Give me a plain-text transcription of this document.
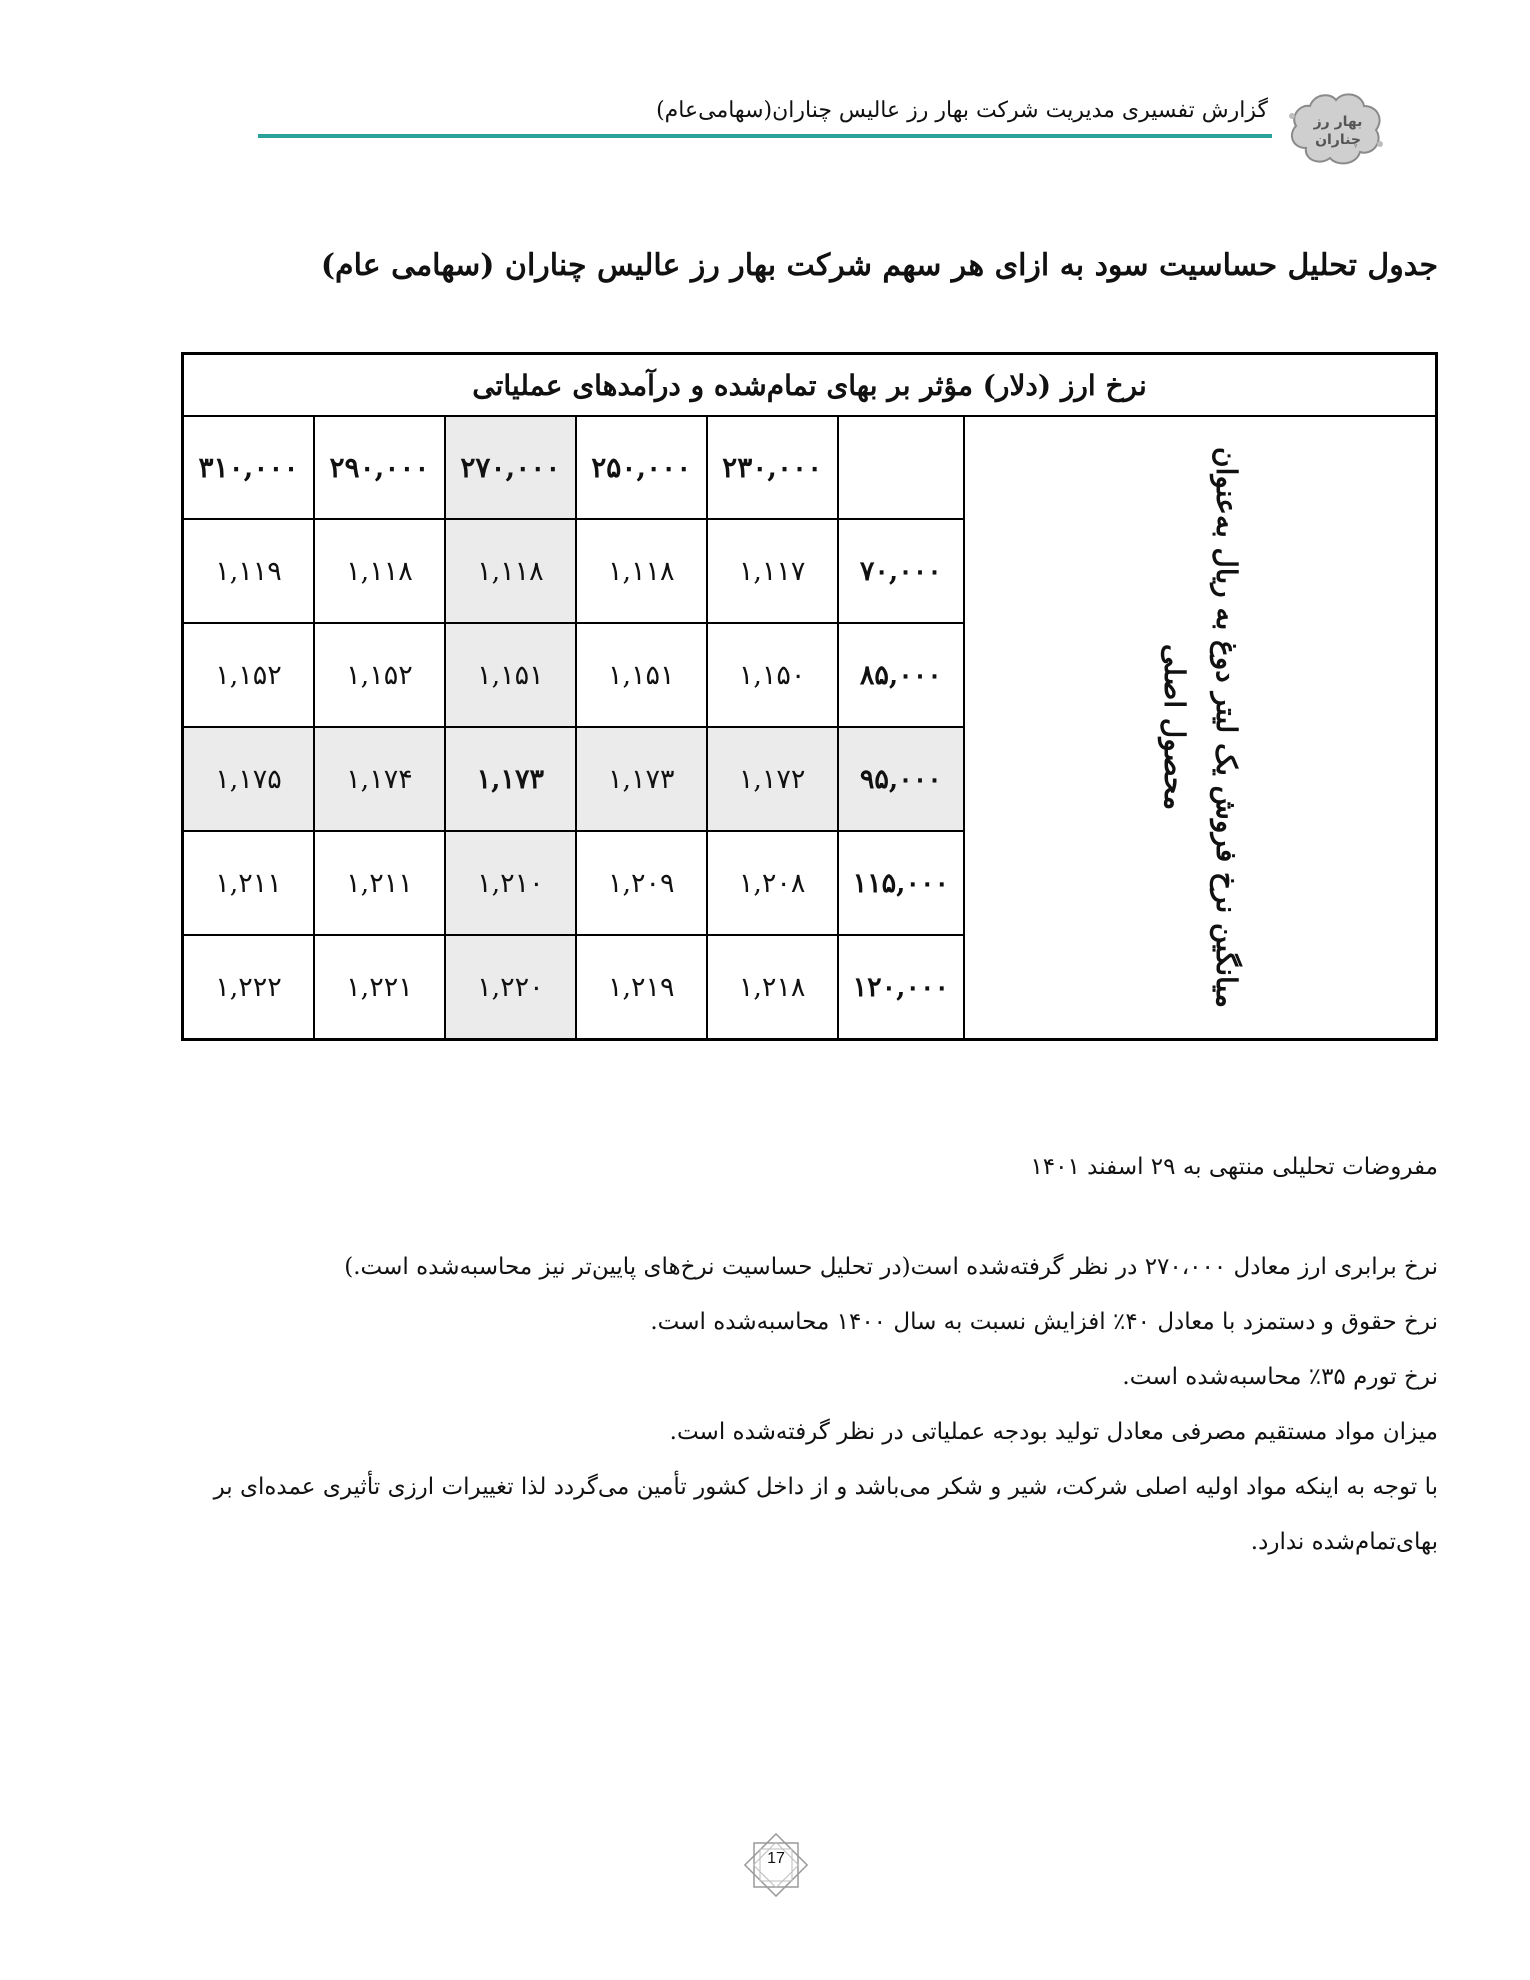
بهار رز
چناران
گزارش تفسیری مدیریت شرکت بهار رز عالیس چناران(سهامی‌عام)
جدول تحلیل حساسیت سود به ازای هر سهم شرکت بهار رز عالیس چناران (سهامی عام)
نرخ ارز (دلار) مؤثر بر بهای تمام‌شده و درآمدهای عملیاتی						

میانگین نرخ فروش یک لیتر دوغ به ریال به‌عنوان محصول اصلی		۲۳۰,۰۰۰	۲۵۰,۰۰۰	۲۷۰,۰۰۰	۲۹۰,۰۰۰	۳۱۰,۰۰۰
	۷۰,۰۰۰	۱,۱۱۷	۱,۱۱۸	۱,۱۱۸	۱,۱۱۸	۱,۱۱۹
	۸۵,۰۰۰	۱,۱۵۰	۱,۱۵۱	۱,۱۵۱	۱,۱۵۲	۱,۱۵۲
	۹۵,۰۰۰	۱,۱۷۲	۱,۱۷۳	۱,۱۷۳	۱,۱۷۴	۱,۱۷۵
	۱۱۵,۰۰۰	۱,۲۰۸	۱,۲۰۹	۱,۲۱۰	۱,۲۱۱	۱,۲۱۱
	۱۲۰,۰۰۰	۱,۲۱۸	۱,۲۱۹	۱,۲۲۰	۱,۲۲۱	۱,۲۲۲
مفروضات تحلیلی منتهی به ۲۹ اسفند ۱۴۰۱

نرخ برابری ارز معادل ۲۷۰،۰۰۰ در نظر گرفته‌شده است(در تحلیل حساسیت نرخ‌های پایین‌تر نیز محاسبه‌شده است.)

نرخ حقوق و دستمزد با معادل ۴۰٪ افزایش نسبت به سال ۱۴۰۰ محاسبه‌شده است.

نرخ تورم ۳۵٪ محاسبه‌شده است.

میزان مواد مستقیم مصرفی معادل تولید بودجه عملیاتی در نظر گرفته‌شده است.

با توجه به اینکه مواد اولیه اصلی شرکت، شیر و شکر می‌باشد و از داخل کشور تأمین می‌گردد لذا تغییرات ارزی تأثیری عمده‌ای بر بهای‌تمام‌شده ندارد.

17
